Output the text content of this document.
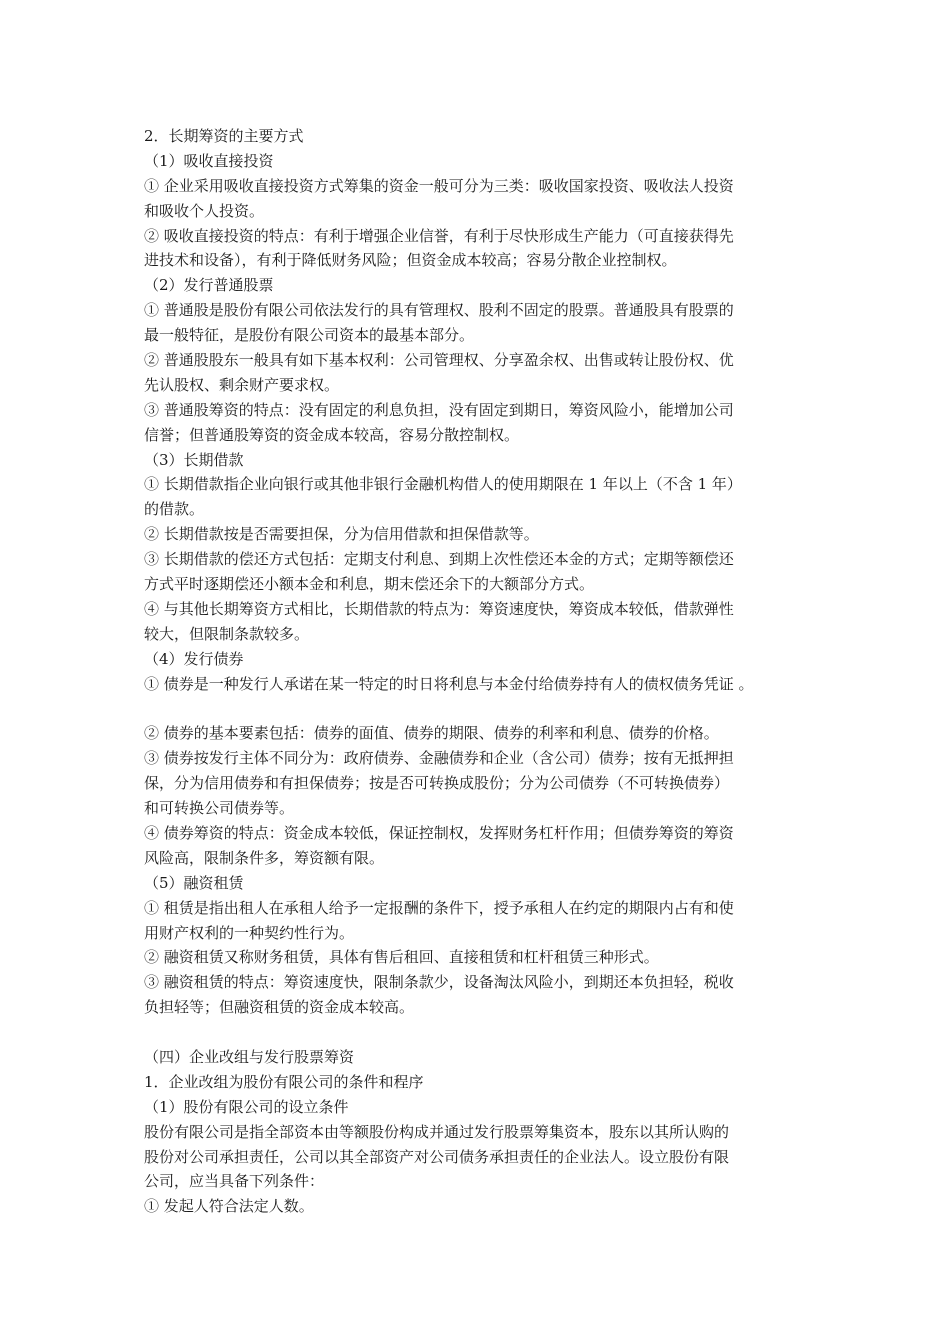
2．长期筹资的主要方式
（1）吸收直接投资
① 企业采用吸收直接投资方式筹集的资金一般可分为三类：吸收国家投资、吸收法人投资
和吸收个人投资。
② 吸收直接投资的特点：有利于增强企业信誉，有利于尽快形成生产能力（可直接获得先
进技术和设备），有利于降低财务风险；但资金成本较高；容易分散企业控制权。
（2）发行普通股票
① 普通股是股份有限公司依法发行的具有管理权、股利不固定的股票。普通股具有股票的
最一般特征，是股份有限公司资本的最基本部分。
② 普通股股东一般具有如下基本权利：公司管理权、分享盈余权、出售或转让股份权、优
先认股权、剩余财产要求权。
③ 普通股筹资的特点：没有固定的利息负担，没有固定到期日，筹资风险小，能增加公司
信誉；但普通股筹资的资金成本较高，容易分散控制权。
（3）长期借款
① 长期借款指企业向银行或其他非银行金融机构借人的使用期限在 1 年以上（不含 1 年）
的借款。
② 长期借款按是否需要担保，分为信用借款和担保借款等。
③ 长期借款的偿还方式包括：定期支付利息、到期上次性偿还本金的方式；定期等额偿还
方式平时逐期偿还小额本金和利息，期末偿还余下的大额部分方式。
④ 与其他长期筹资方式相比，长期借款的特点为：筹资速度快，筹资成本较低，借款弹性
较大，但限制条款较多。
（4）发行债券
① 债券是一种发行人承诺在某一特定的时日将利息与本金付给债券持有人的债权债务凭证 。
② 债券的基本要素包括：债券的面值、债券的期限、债券的利率和利息、债券的价格。
③ 债券按发行主体不同分为：政府债券、金融债券和企业（含公司）债券；按有无抵押担
保，分为信用债券和有担保债券；按是否可转换成股份；分为公司债券（不可转换债券）
和可转换公司债券等。
④ 债券筹资的特点：资金成本较低，保证控制权，发挥财务杠杆作用；但债券筹资的筹资
风险高，限制条件多，筹资额有限。
（5）融资租赁
① 租赁是指出租人在承租人给予一定报酬的条件下，授予承租人在约定的期限内占有和使
用财产权利的一种契约性行为。
② 融资租赁又称财务租赁，具体有售后租回、直接租赁和杠杆租赁三种形式。
③ 融资租赁的特点：筹资速度快，限制条款少，设备淘汰风险小，到期还本负担轻，税收
负担轻等；但融资租赁的资金成本较高。
（四）企业改组与发行股票筹资
1．企业改组为股份有限公司的条件和程序
（1）股份有限公司的设立条件
股份有限公司是指全部资本由等额股份构成并通过发行股票筹集资本，股东以其所认购的
股份对公司承担责任，公司以其全部资产对公司债务承担责任的企业法人。设立股份有限
公司，应当具备下列条件：
① 发起人符合法定人数。
